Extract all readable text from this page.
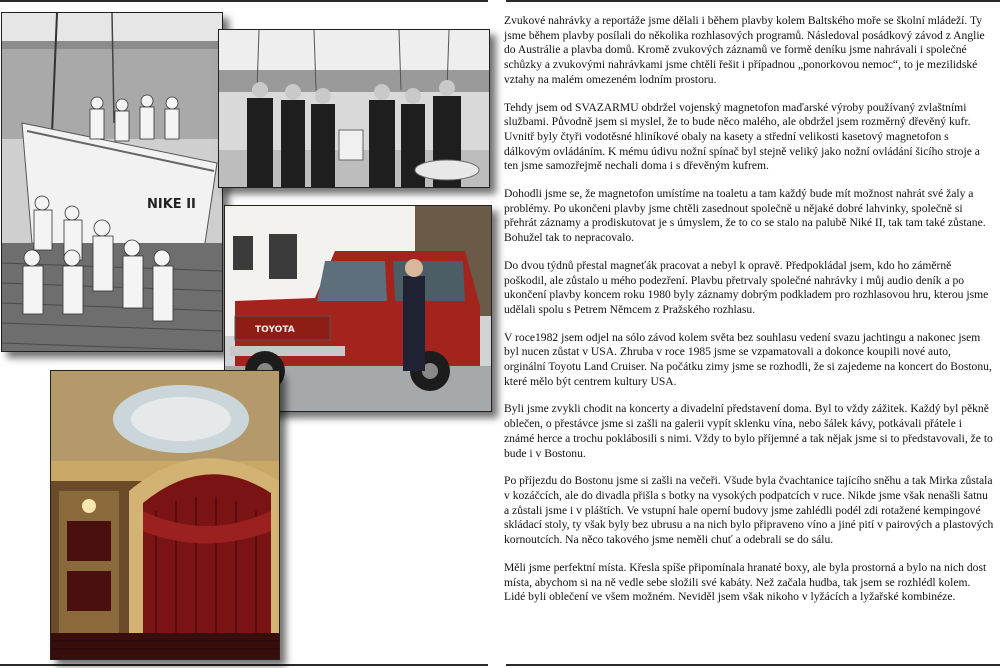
NIKE II
TOYOTA

Zvukové nahrávky a reportáže jsme dělali i během plavby kolem Baltského moře se školní mládeží. Ty jsme během plavby posílali do několika rozhlasových programů. Následoval posádkový závod z Anglie do Austrálie a plavba domů. Kromě zvukových záznamů ve formě deníku jsme nahrávali i společné schůzky a zvukovými nahrávkami jsme chtěli řešit i případnou „ponorkovou nemoc“, to je mezilidské vztahy na malém omezeném lodním prostoru.

Tehdy jsem od SVAZARMU obdržel vojenský magnetofon maďarské výroby používaný zvlaštními službami. Původně jsem si myslel, že to bude něco malého, ale obdržel jsem rozměrný dřevěný kufr. Uvnitř byly čtyři vodotěsné hliníkové obaly na kasety a střední velikosti kasetový magnetofon s dálkovým ovládáním. K mému údivu nožní spínač byl stejně veliký jako nožní ovládání šicího stroje a ten jsme samozřejmě nechali doma i s dřevěným kufrem.

Dohodli jsme se, že magnetofon umístíme na toaletu a tam každý bude mít možnost nahrát své žaly a problémy. Po ukončeni plavby jsme chtěli zasednout společně u nějaké dobré lahvinky, společně si přehrát záznamy a prodiskutovat je s úmyslem, že to co se stalo na palubě Niké II, tak tam také zůstane. Bohužel tak to nepracovalo.

Do dvou týdnů přestal magneťák pracovat a nebyl k opravě. Předpokládal jsem, kdo ho záměrně poškodil, ale zůstalo u mého podezření. Plavbu přetrvaly společné nahrávky i můj audio deník a po ukončení plavby koncem roku 1980 byly záznamy dobrým podkladem pro rozhlasovou hru, kterou jsme udělali spolu s Petrem Němcem z Pražského rozhlasu.

V roce1982 jsem odjel na sólo závod kolem světa bez souhlasu vedení svazu jachtingu a nakonec jsem byl nucen zůstat v USA. Zhruba v roce 1985 jsme se vzpamatovali a dokonce koupili nové auto, orginální Toyotu Land Cruiser. Na počátku zimy jsme se rozhodli, že si zajedeme na koncert do Bostonu, které mělo být centrem kultury USA.

Byli jsme zvykli chodit na koncerty a divadelní představení doma. Byl to vždy zážitek. Každý byl pěkně oblečen, o přestávce jsme si zašli na galerii vypít sklenku vína, nebo šálek kávy, potkávali přátele i známé herce a trochu poklábosili s nimi. Vždy to bylo příjemné a tak nějak jsme si to představovali, že to bude i v Bostonu.

Po příjezdu do Bostonu jsme si zašli na večeři. Všude byla čvachtanice tajícího sněhu a tak Mirka zůstala v kozáčcích, ale do divadla přišla s botky na vysokých podpatcích v ruce. Nikde jsme však nenašli šatnu a zůstali jsme i v pláštích. Ve vstupní hale operní budovy jsme zahlédli podél zdi rotažené kempingové skládací stoly, ty však byly bez ubrusu a na nich bylo připraveno víno a jiné pití v pairových a plastových kornoutcích. Na něco takového jsme neměli chuť a odebrali se do sálu.

Měli jsme perfektní místa. Křesla spíše připomínala hranaté boxy, ale byla prostorná a bylo na nich dost místa, abychom si na ně vedle sebe složili své kabáty. Než začala hudba, tak jsem se rozhlédl kolem. Lidé byli oblečení ve všem možném. Neviděl jsem však nikoho v lyžácích a lyžařské kombinéze.
